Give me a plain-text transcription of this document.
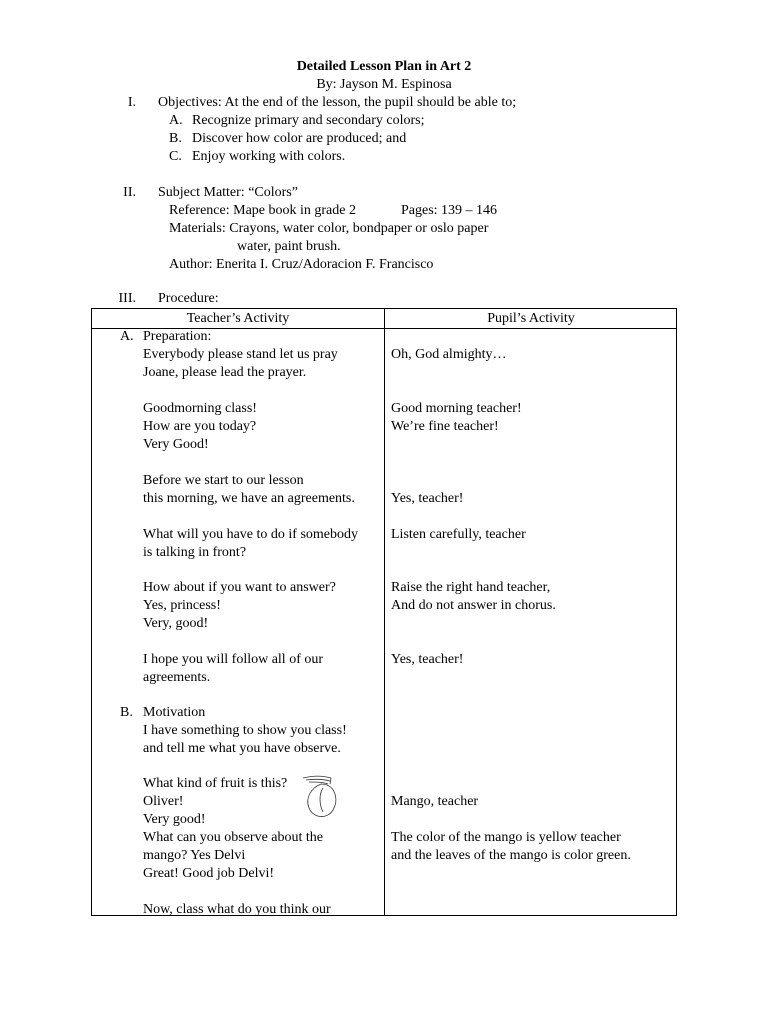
Detailed Lesson Plan in Art 2
By: Jayson M. Espinosa
I. Objectives: At the end of the lesson, the pupil should be able to;
A. Recognize primary and secondary colors;
B. Discover how color are produced; and
C. Enjoy working with colors.
II. Subject Matter: “Colors”
Reference: Mape book in grade 2	Pages: 139 – 146
Materials: Crayons, water color, bondpaper or oslo paper
water, paint brush.
Author: Enerita I. Cruz/Adoracion F. Francisco
III. Procedure:
Teacher’s Activity	Pupil’s Activity
A. Preparation:
Everybody please stand let us pray
Joane, please lead the prayer.
Goodmorning class!
How are you today?
Very Good!
Before we start to our lesson
this morning, we have an agreements.
What will you have to do if somebody
is talking in front?
How about if you want to answer?
Yes, princess!
Very, good!
I hope you will follow all of our
agreements.
B. Motivation
I have something to show you class!
and tell me what you have observe.
What kind of fruit is this?
Oliver!
Very good!
What can you observe about the
mango? Yes Delvi
Great! Good job Delvi!
Now, class what do you think our
Oh, God almighty…
Good morning teacher!
We’re fine teacher!
Yes, teacher!
Listen carefully, teacher
Raise the right hand teacher,
And do not answer in chorus.
Yes, teacher!
Mango, teacher
The color of the mango is yellow teacher
and the leaves of the mango is color green.
